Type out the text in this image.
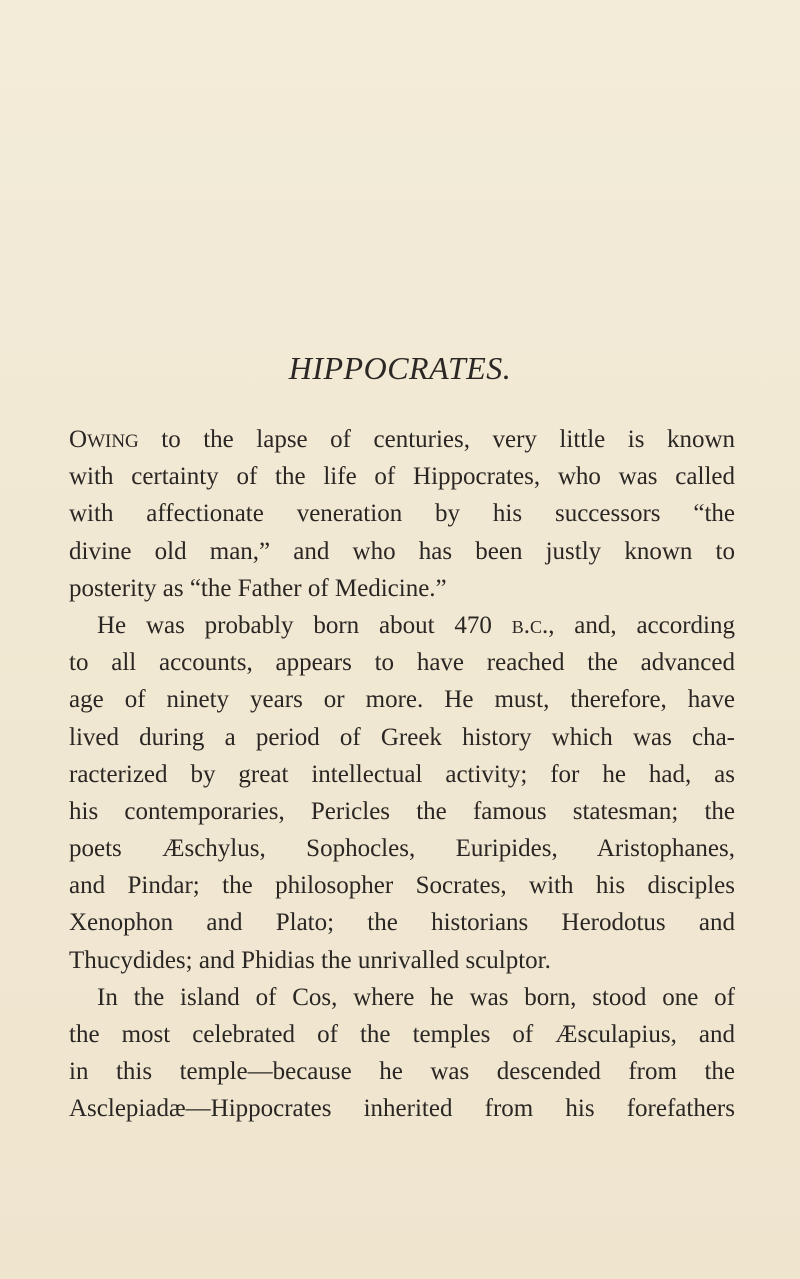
HIPPOCRATES.
OWING to the lapse of centuries, very little is known
with certainty of the life of Hippocrates, who was called
with affectionate veneration by his successors “the
divine old man,” and who has been justly known to
posterity as “the Father of Medicine.”
He was probably born about 470 b.c., and, according
to all accounts, appears to have reached the advanced
age of ninety years or more. He must, therefore, have
lived during a period of Greek history which was cha-
racterized by great intellectual activity; for he had, as
his contemporaries, Pericles the famous statesman; the
poets Æschylus, Sophocles, Euripides, Aristophanes,
and Pindar; the philosopher Socrates, with his disciples
Xenophon and Plato; the historians Herodotus and
Thucydides; and Phidias the unrivalled sculptor.
In the island of Cos, where he was born, stood one of
the most celebrated of the temples of Æsculapius, and
in this temple—because he was descended from the
Asclepiadæ—Hippocrates inherited from his forefathers
